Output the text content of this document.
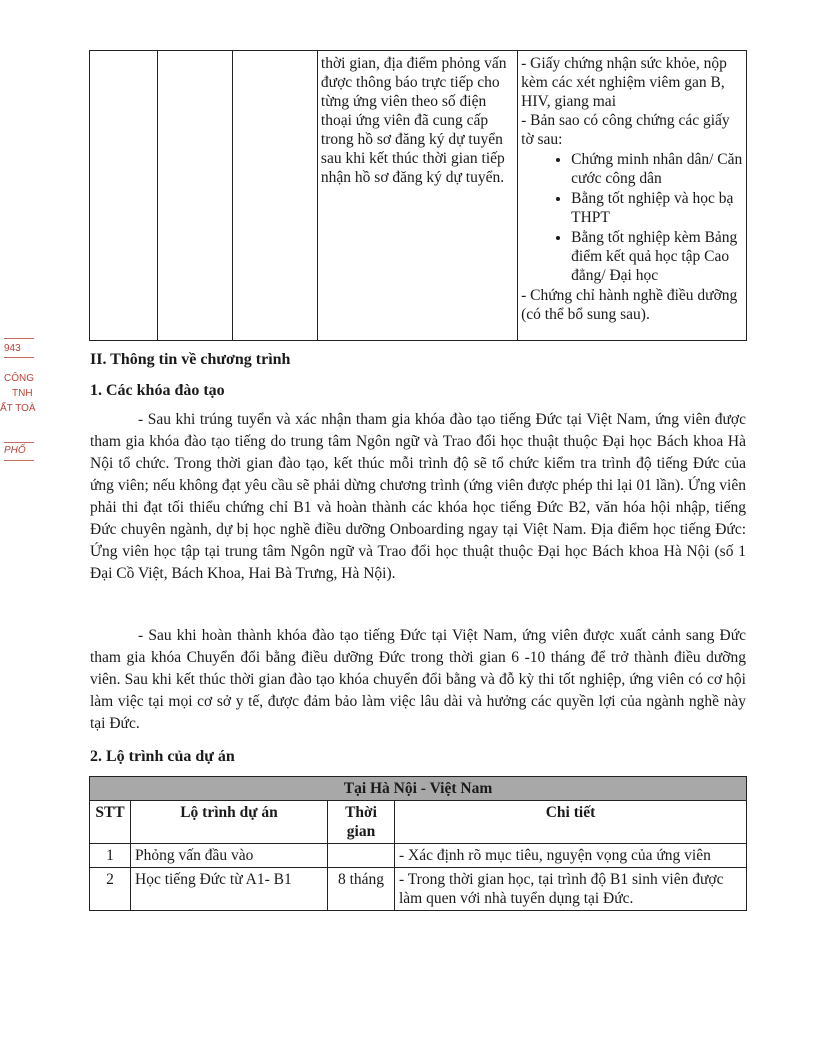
943
CÔNG
TNH
ẤT TOÀ
PHỐ
			thời gian, địa điểm phỏng vấn được thông báo trực tiếp cho từng ứng viên theo số điện thoại ứng viên đã cung cấp trong hồ sơ đăng ký dự tuyển sau khi kết thúc thời gian tiếp nhận hồ sơ đăng ký dự tuyển.	
- Giấy chứng nhận sức khỏe, nộp kèm các xét nghiệm viêm gan B, HIV, giang mai
- Bản sao có công chứng các giấy tờ sau:
• Chứng minh nhân dân/ Căn cước công dân
• Bằng tốt nghiệp và học bạ THPT
• Bằng tốt nghiệp kèm Bảng điểm kết quả học tập Cao đẳng/ Đại học
- Chứng chỉ hành nghề điều dưỡng (có thể bổ sung sau).
II. Thông tin về chương trình
1. Các khóa đào tạo

- Sau khi trúng tuyển và xác nhận tham gia khóa đào tạo tiếng Đức tại Việt Nam, ứng viên được tham gia khóa đào tạo tiếng do trung tâm Ngôn ngữ và Trao đổi học thuật thuộc Đại học Bách khoa Hà Nội tổ chức. Trong thời gian đào tạo, kết thúc mỗi trình độ sẽ tổ chức kiểm tra trình độ tiếng Đức của ứng viên; nếu không đạt yêu cầu sẽ phải dừng chương trình (ứng viên được phép thi lại 01 lần). Ứng viên phải thi đạt tối thiểu chứng chỉ B1 và hoàn thành các khóa học tiếng Đức B2, văn hóa hội nhập, tiếng Đức chuyên ngành, dự bị học nghề điều dưỡng Onboarding ngay tại Việt Nam. Địa điểm học tiếng Đức: Ứng viên học tập tại trung tâm Ngôn ngữ và Trao đổi học thuật thuộc Đại học Bách khoa Hà Nội (số 1 Đại Cồ Việt, Bách Khoa, Hai Bà Trưng, Hà Nội).

- Sau khi hoàn thành khóa đào tạo tiếng Đức tại Việt Nam, ứng viên được xuất cảnh sang Đức tham gia khóa Chuyển đổi bằng điều dưỡng Đức trong thời gian 6 -10 tháng để trở thành điều dưỡng viên. Sau khi kết thúc thời gian đào tạo khóa chuyển đổi bằng và đỗ kỳ thi tốt nghiệp, ứng viên có cơ hội làm việc tại mọi cơ sở y tế, được đảm bảo làm việc lâu dài và hưởng các quyền lợi của ngành nghề này tại Đức.

2. Lộ trình của dự án
Tại Hà Nội - Việt Nam			
STT	Lộ trình dự án	Thời gian	Chi tiết
1	Phỏng vấn đầu vào		- Xác định rõ mục tiêu, nguyện vọng của ứng viên
2	Học tiếng Đức từ A1- B1	8 tháng	- Trong thời gian học, tại trình độ B1 sinh viên được làm quen với nhà tuyển dụng tại Đức.
